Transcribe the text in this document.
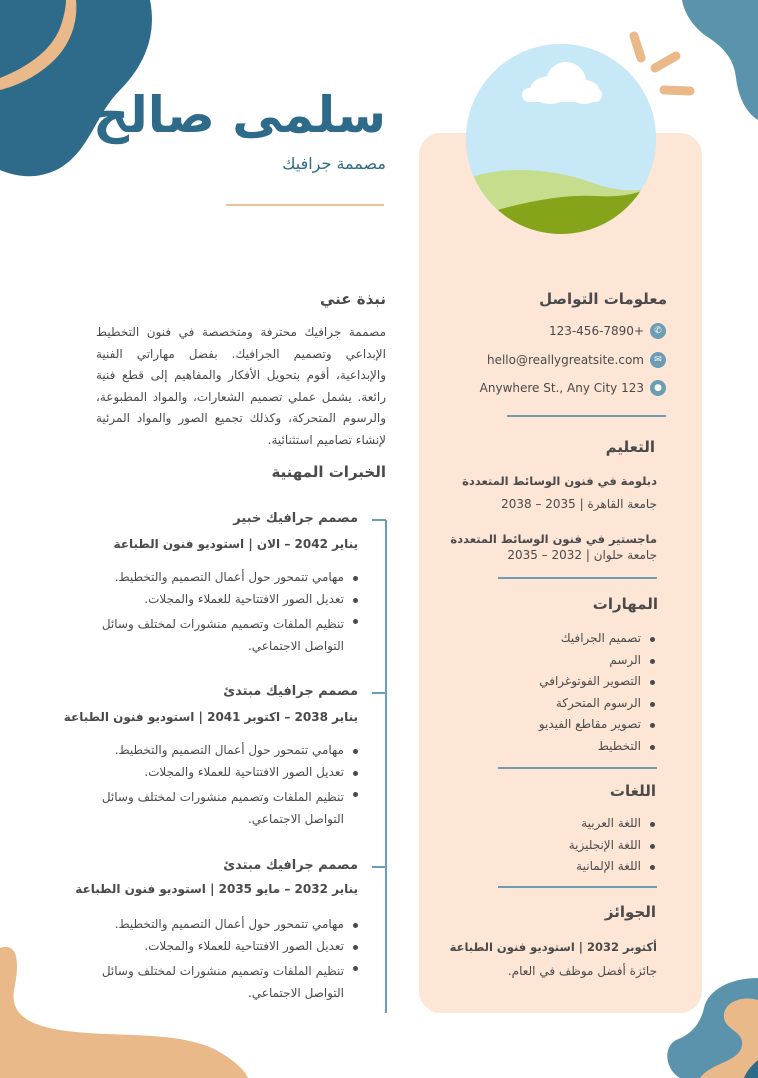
سلمى صالح
مصممة جرافيك
معلومات التواصل
123-456-7890+	✆
hello@reallygreatsite.com	✉
Anywhere St., Any City 123	●
التعليم
دبلومة في فنون الوسائط المتعددة
جامعة القاهرة | 2035 – 2038
ماجستير في فنون الوسائط المتعددة
جامعة حلوان | 2032 – 2035
المهارات
تصميم الجرافيك
الرسم
التصوير الفوتوغرافي
الرسوم المتحركة
تصوير مقاطع الفيديو
التخطيط
اللغات
اللغة العربية
اللغة الإنجليزية
اللغة الإلمانية
الجوائز
أكتوبر 2032 | استوديو فنون الطباعة
جائزة أفضل موظف في العام.
نبذة عني
مصممة جرافيك محترفة ومتخصصة في فنون التخطيط الإبداعي وتصميم الجرافيك. بفضل مهاراتي الفنية والإبداعية، أقوم بتحويل الأفكار والمفاهيم إلى قطع فنية رائعة. يشمل عملي تصميم الشعارات، والمواد المطبوعة، والرسوم المتحركة، وكذلك تجميع الصور والمواد المرئية لإنشاء تصاميم استثنائية.
الخبرات المهنية
مصمم جرافيك خبير
يناير 2042 – الان | استوديو فنون الطباعة
مهامي تتمحور حول أعمال التصميم والتخطيط.
تعديل الصور الافتتاحية للعملاء والمجلات.
تنظيم الملفات وتصميم منشورات لمختلف وسائل التواصل الاجتماعي.
مصمم جرافيك مبتدئ
يناير 2038 – اكتوبر 2041 | استوديو فنون الطباعة
مهامي تتمحور حول أعمال التصميم والتخطيط.
تعديل الصور الافتتاحية للعملاء والمجلات.
تنظيم الملفات وتصميم منشورات لمختلف وسائل التواصل الاجتماعي.
مصمم جرافيك مبتدئ
يناير 2032 – مايو 2035 | استوديو فنون الطباعة
مهامي تتمحور حول أعمال التصميم والتخطيط.
تعديل الصور الافتتاحية للعملاء والمجلات.
تنظيم الملفات وتصميم منشورات لمختلف وسائل التواصل الاجتماعي.
